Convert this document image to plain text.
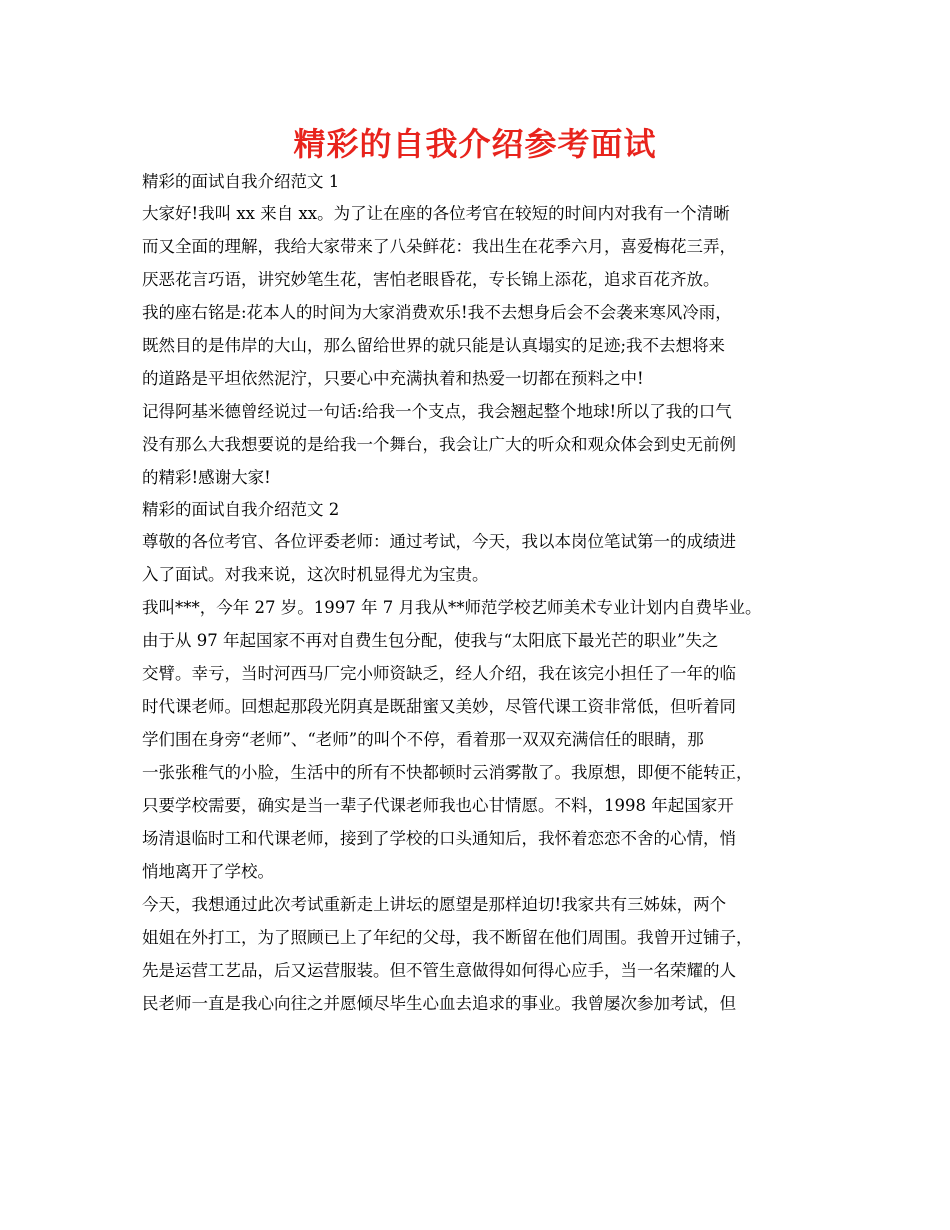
精彩的自我介绍参考面试
精彩的面试自我介绍范文 1
大家好!我叫 xx 来自 xx。为了让在座的各位考官在较短的时间内对我有一个清晰
而又全面的理解，我给大家带来了八朵鲜花：我出生在花季六月，喜爱梅花三弄，
厌恶花言巧语，讲究妙笔生花，害怕老眼昏花，专长锦上添花，追求百花齐放。
我的座右铭是:花本人的时间为大家消费欢乐!我不去想身后会不会袭来寒风冷雨，
既然目的是伟岸的大山，那么留给世界的就只能是认真塌实的足迹;我不去想将来
的道路是平坦依然泥泞，只要心中充满执着和热爱一切都在预料之中!
记得阿基米德曾经说过一句话:给我一个支点，我会翘起整个地球!所以了我的口气
没有那么大我想要说的是给我一个舞台，我会让广大的听众和观众体会到史无前例
的精彩!感谢大家!
精彩的面试自我介绍范文 2
尊敬的各位考官、各位评委老师：通过考试，今天，我以本岗位笔试第一的成绩进
入了面试。对我来说，这次时机显得尤为宝贵。
我叫***，今年 27 岁。1997 年 7 月我从**师范学校艺师美术专业计划内自费毕业。
由于从 97 年起国家不再对自费生包分配，使我与“太阳底下最光芒的职业”失之
交臂。幸亏，当时河西马厂完小师资缺乏，经人介绍，我在该完小担任了一年的临
时代课老师。回想起那段光阴真是既甜蜜又美妙，尽管代课工资非常低，但听着同
学们围在身旁“老师”、“老师”的叫个不停，看着那一双双充满信任的眼睛，那
一张张稚气的小脸，生活中的所有不快都顿时云消雾散了。我原想，即便不能转正，
只要学校需要，确实是当一辈子代课老师我也心甘情愿。不料，1998 年起国家开
场清退临时工和代课老师，接到了学校的口头通知后，我怀着恋恋不舍的心情，悄
悄地离开了学校。
今天，我想通过此次考试重新走上讲坛的愿望是那样迫切!我家共有三姊妹，两个
姐姐在外打工，为了照顾已上了年纪的父母，我不断留在他们周围。我曾开过铺子，
先是运营工艺品，后又运营服装。但不管生意做得如何得心应手，当一名荣耀的人
民老师一直是我心向往之并愿倾尽毕生心血去追求的事业。我曾屡次参加考试，但
